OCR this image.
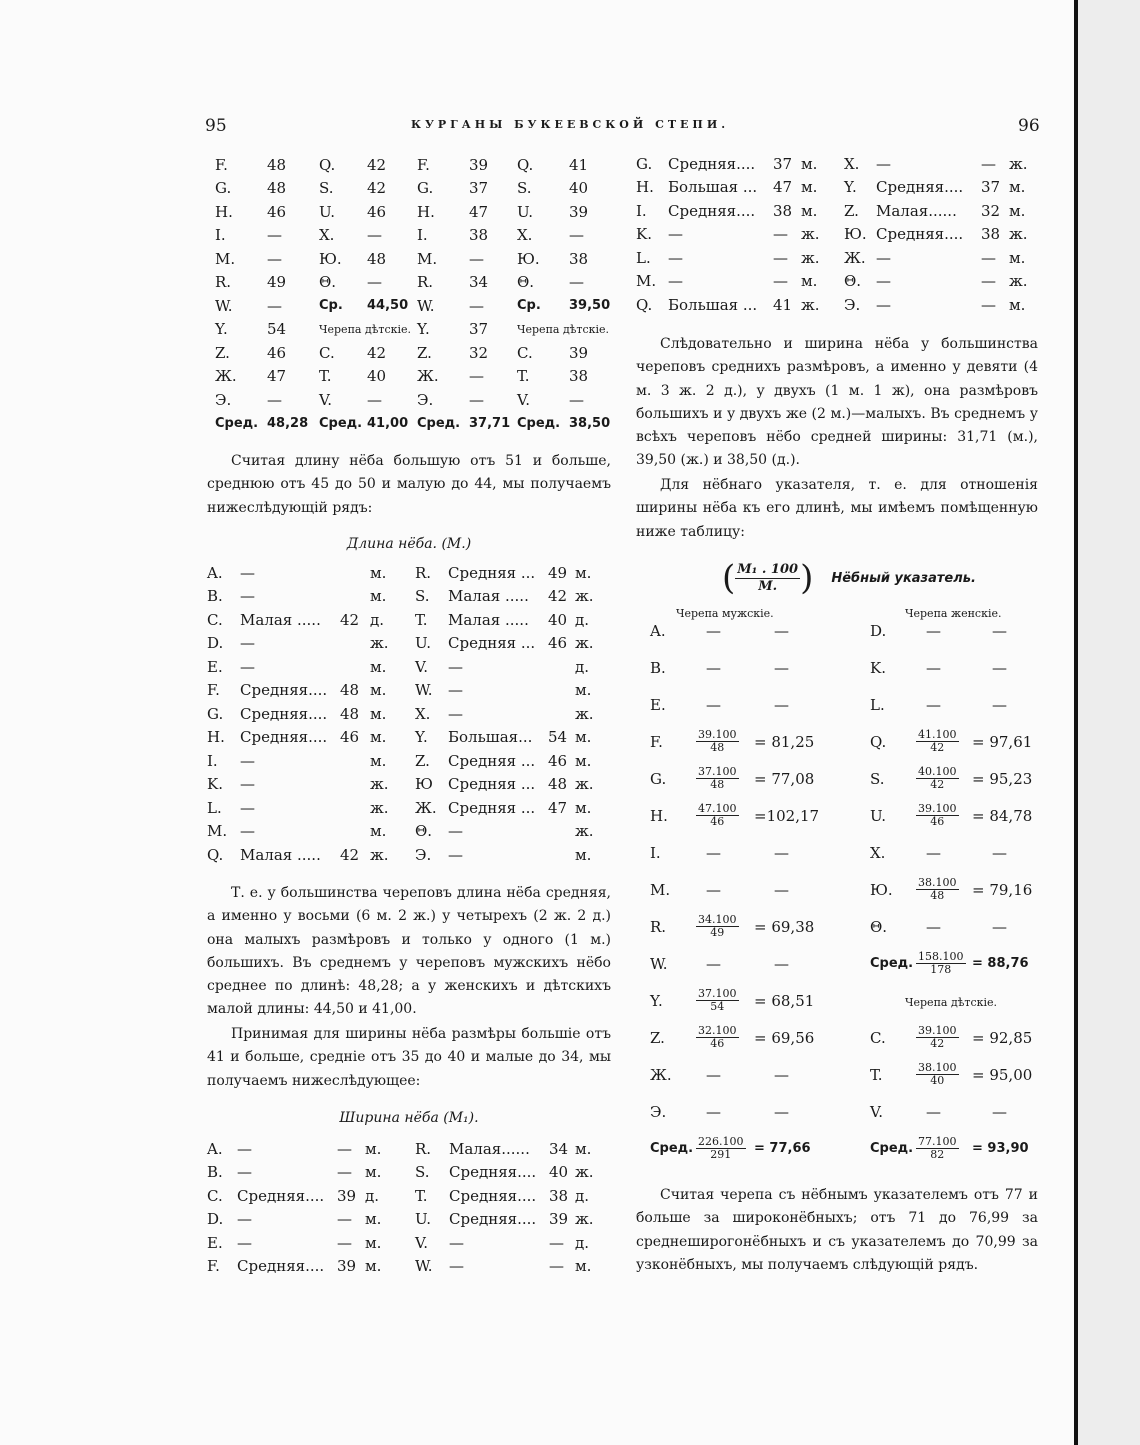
95	КУРГАНЫ БУКЕЕВСКОЙ СТЕПИ.	96
F.	48	Q.	42	F.	39	Q.	41
G.	48	S.	42	G.	37	S.	40
H.	46	U.	46	H.	47	U.	39
I.	—	X.	—	I.	38	X.	—
M.	—	Ю.	48	M.	—	Ю.	38
R.	49	Θ.	—	R.	34	Θ.	—
W.	—	Ср.	44,50	W.	—	Ср.	39,50
Y.	54	Черепа дѣтскіе.		Y.	37	Черепа дѣтскіе.	
Z.	46	C.	42	Z.	32	C.	39
Ж.	47	T.	40	Ж.	—	T.	38
Э.	—	V.	—	Э.	—	V.	—
Сред.	48,28	Сред.	41,00	Сред.	37,71	Сред.	38,50

Считая длину нёба большую отъ 51 и больше, среднюю отъ 45 до 50 и малую до 44, мы получаемъ нижеслѣдующій рядъ:

Длина нёба. (M.)
A.	—		м.	R.	Средняя ...	49	м.
B.	—		м.	S.	Малая .....	42	ж.
C.	Малая .....	42	д.	T.	Малая .....	40	д.
D.	—		ж.	U.	Средняя ...	46	ж.
E.	—		м.	V.	—		д.
F.	Средняя....	48	м.	W.	—		м.
G.	Средняя....	48	м.	X.	—		ж.
H.	Средняя....	46	м.	Y.	Большая...	54	м.
I.	—		м.	Z.	Средняя ...	46	м.
K.	—		ж.	Ю	Средняя ...	48	ж.
L.	—		ж.	Ж.	Средняя ...	47	м.
M.	—		м.	Θ.	—		ж.
Q.	Малая .....	42	ж.	Э.	—		м.

Т. е. у большинства череповъ длина нёба средняя, а именно у восьми (6 м. 2 ж.) у четырехъ (2 ж. 2 д.) она малыхъ размѣровъ и только у одного (1 м.) большихъ. Въ среднемъ у череповъ мужскихъ нёбо среднее по длинѣ: 48,28; а у женскихъ и дѣтскихъ малой длины: 44,50 и 41,00.

Принимая для ширины нёба размѣры большіе отъ 41 и больше, средніе отъ 35 до 40 и малые до 34, мы получаемъ нижеслѣдующее:

Ширина нёба (M₁).
A.	—	—	м.	R.	Малая......	34	м.
B.	—	—	м.	S.	Средняя....	40	ж.
C.	Средняя....	39	д.	T.	Средняя....	38	д.
D.	—	—	м.	U.	Средняя....	39	ж.
E.	—	—	м.	V.	—	—	д.
F.	Средняя....	39	м.	W.	—	—	м.
G.	Средняя....	37	м.	X.	—	—	ж.
H.	Большая ...	47	м.	Y.	Средняя....	37	м.
I.	Средняя....	38	м.	Z.	Малая......	32	м.
K.	—	—	ж.	Ю.	Средняя....	38	ж.
L.	—	—	ж.	Ж.	—	—	м.
M.	—	—	м.	Θ.	—	—	ж.
Q.	Большая ...	41	ж.	Э.	—	—	м.

Слѣдовательно и ширина нёба у большинства череповъ среднихъ размѣровъ, а именно у девяти (4 м. 3 ж. 2 д.), у двухъ (1 м. 1 ж), она размѣровъ большихъ и у двухъ же (2 м.)—малыхъ. Въ среднемъ у всѣхъ череповъ нёбо средней ширины: 31,71 (м.), 39,50 (ж.) и 38,50 (д.).

Для нёбнаго указателя, т. е. для отношенія ширины нёба къ его длинѣ, мы имѣемъ помѣщенную ниже таблицу:

( $\frac{\text{M₁ . 100}}{M.}$ ) Нёбный указатель.
Черепа мужскіе.	Черепа женскіе.
Черепа дѣтскіе.
A.	—	—		D.	—	—
B.	—	—		K.	—	—
E.	—	—		L.	—	—
F.	$\frac{39.100}{48}$	= 81,25		Q.	$\frac{41.100}{42}$	= 97,61
G.	$\frac{37.100}{48}$	= 77,08		S.	$\frac{40.100}{42}$	= 95,23
H.	$\frac{47.100}{46}$	=102,17		U.	$\frac{39.100}{46}$	= 84,78
I.	—	—		X.	—	—
M.	—	—		Ю.	$\frac{38.100}{48}$	= 79,16
R.	$\frac{34.100}{49}$	= 69,38		Θ.	—	—
W.	—	—		Сред.	$\frac{158.100}{178}$	= 88,76
Y.	$\frac{37.100}{54}$	= 68,51				
Z.	$\frac{32.100}{46}$	= 69,56		C.	$\frac{39.100}{42}$	= 92,85
Ж.	—	—		T.	$\frac{38.100}{40}$	= 95,00
Э.	—	—		V.	—	—
Сред.	$\frac{226.100}{291}$	= 77,66		Сред.	$\frac{77.100}{82}$	= 93,90

Считая черепа съ нёбнымъ указателемъ отъ 77 и больше за широконёбныхъ; отъ 71 до 76,99 за среднеширогонёбныхъ и съ указателемъ до 70,99 за узконёбныхъ, мы получаемъ слѣдующій рядъ.
